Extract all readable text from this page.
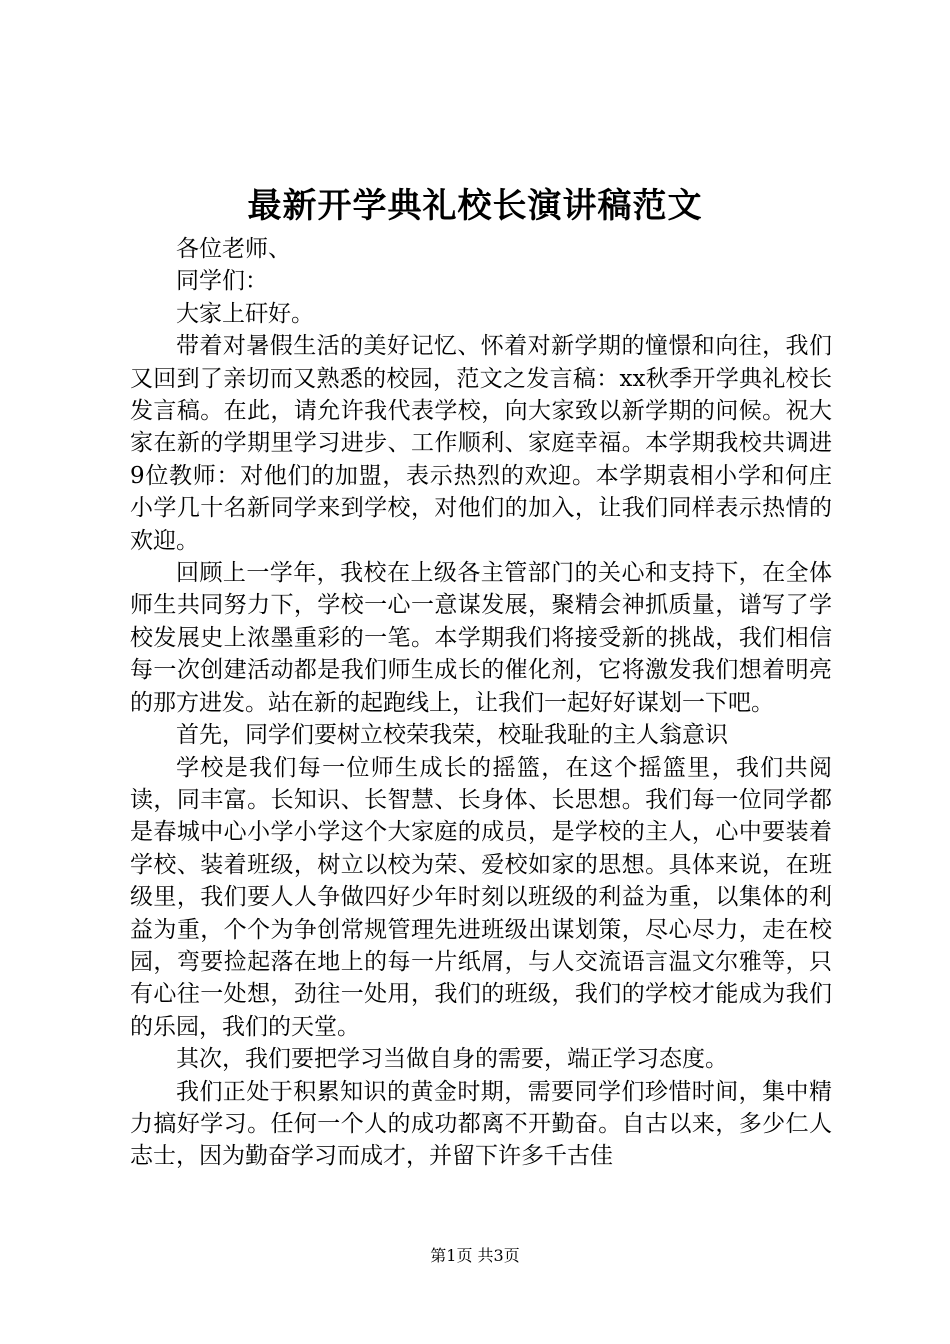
最新开学典礼校长演讲稿范文

各位老师、

同学们：

大家上矸好。

带着对暑假生活的美好记忆、怀着对新学期的憧憬和向往，我们又回到了亲切而又熟悉的校园，范文之发言稿：xx秋季开学典礼校长发言稿。在此，请允许我代表学校，向大家致以新学期的问候。祝大家在新的学期里学习进步、工作顺利、家庭幸福。本学期我校共调进9位教师：对他们的加盟，表示热烈的欢迎。本学期袁相小学和何庄小学几十名新同学来到学校，对他们的加入，让我们同样表示热情的欢迎。

回顾上一学年，我校在上级各主管部门的关心和支持下，在全体师生共同努力下，学校一心一意谋发展，聚精会神抓质量，谱写了学校发展史上浓墨重彩的一笔。本学期我们将接受新的挑战，我们相信每一次创建活动都是我们师生成长的催化剂，它将激发我们想着明亮的那方进发。站在新的起跑线上，让我们一起好好谋划一下吧。

首先，同学们要树立校荣我荣，校耻我耻的主人翁意识

学校是我们每一位师生成长的摇篮，在这个摇篮里，我们共阅读，同丰富。长知识、长智慧、长身体、长思想。我们每一位同学都是春城中心小学小学这个大家庭的成员，是学校的主人，心中要装着学校、装着班级，树立以校为荣、爱校如家的思想。具体来说，在班级里，我们要人人争做四好少年时刻以班级的利益为重，以集体的利益为重，个个为争创常规管理先进班级出谋划策，尽心尽力，走在校园，弯要捡起落在地上的每一片纸屑，与人交流语言温文尔雅等，只有心往一处想，劲往一处用，我们的班级，我们的学校才能成为我们的乐园，我们的天堂。

其次，我们要把学习当做自身的需要，端正学习态度。

我们正处于积累知识的黄金时期，需要同学们珍惜时间，集中精力搞好学习。任何一个人的成功都离不开勤奋。自古以来，多少仁人志士，因为勤奋学习而成才，并留下许多千古佳

第1页 共3页
